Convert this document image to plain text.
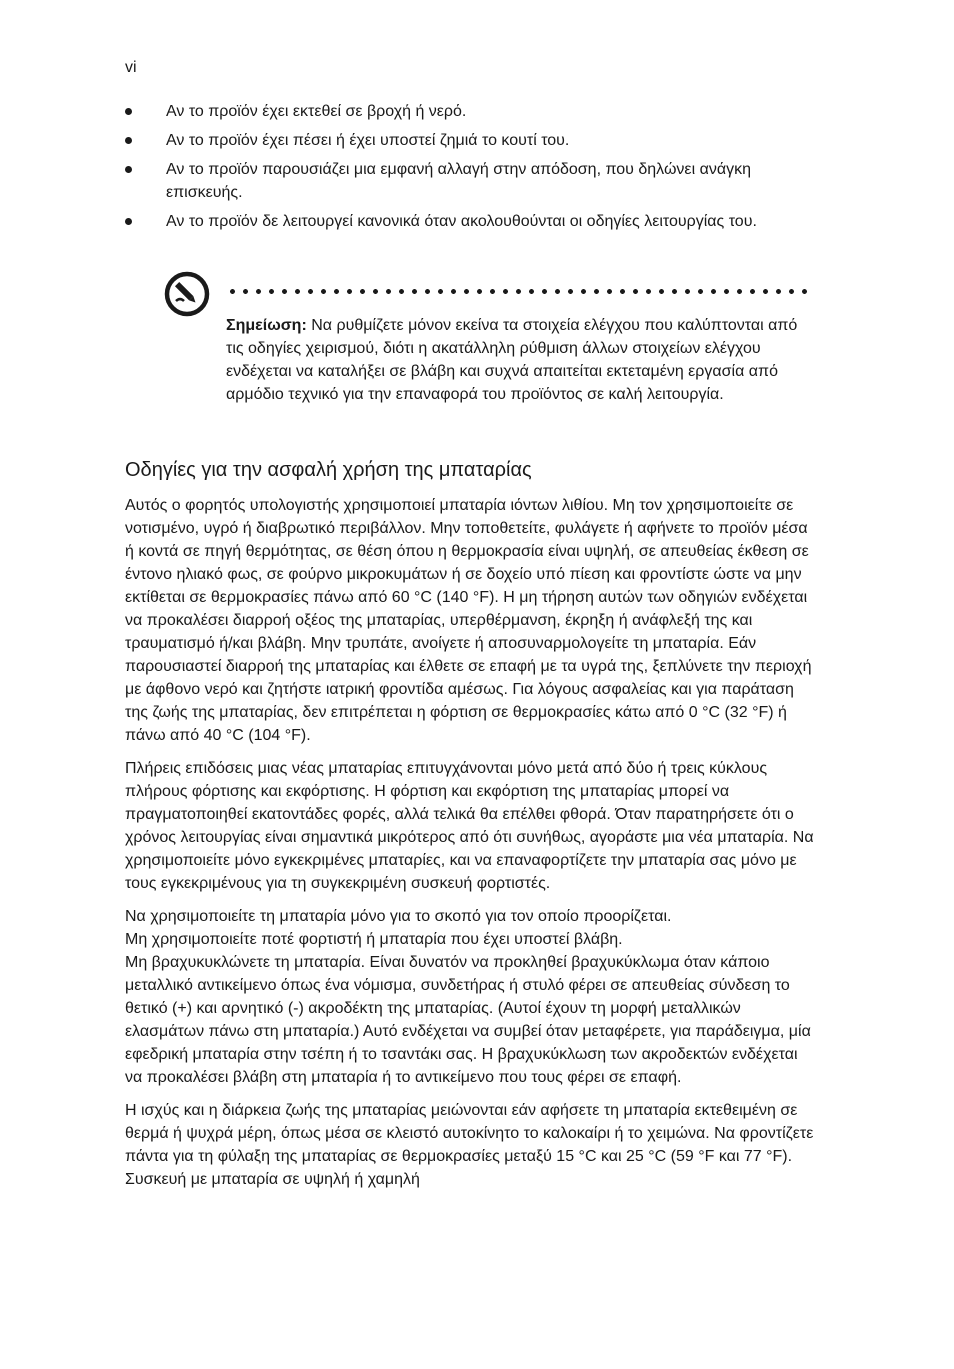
vi
Αν το προϊόν έχει εκτεθεί σε βροχή ή νερό.
Αν το προϊόν έχει πέσει ή έχει υποστεί ζημιά το κουτί του.
Αν το προϊόν παρουσιάζει μια εμφανή αλλαγή στην απόδοση, που δηλώνει ανάγκη επισκευής.
Αν το προϊόν δε λειτουργεί κανονικά όταν ακολουθούνται οι οδηγίες λειτουργίας του.

Σημείωση: Να ρυθμίζετε μόνον εκείνα τα στοιχεία ελέγχου που καλύπτονται από τις οδηγίες χειρισμού, διότι η ακατάλληλη ρύθμιση άλλων στοιχείων ελέγχου ενδέχεται να καταλήξει σε βλάβη και συχνά απαιτείται εκτεταμένη εργασία από αρμόδιο τεχνικό για την επαναφορά του προϊόντος σε καλή λειτουργία.

Οδηγίες για την ασφαλή χρήση της μπαταρίας

Αυτός ο φορητός υπολογιστής χρησιμοποιεί μπαταρία ιόντων λιθίου. Μη τον χρησιμοποιείτε σε νοτισμένο, υγρό ή διαβρωτικό περιβάλλον. Μην τοποθετείτε, φυλάγετε ή αφήνετε το προϊόν μέσα ή κοντά σε πηγή θερμότητας, σε θέση όπου η θερμοκρασία είναι υψηλή, σε απευθείας έκθεση σε έντονο ηλιακό φως, σε φούρνο μικροκυμάτων ή σε δοχείο υπό πίεση και φροντίστε ώστε να μην εκτίθεται σε θερμοκρασίες πάνω από 60 °C (140 °F). Η μη τήρηση αυτών των οδηγιών ενδέχεται να προκαλέσει διαρροή οξέος της μπαταρίας, υπερθέρμανση, έκρηξη ή ανάφλεξή της και τραυματισμό ή/και βλάβη. Μην τρυπάτε, ανοίγετε ή αποσυναρμολογείτε τη μπαταρία. Εάν παρουσιαστεί διαρροή της μπαταρίας και έλθετε σε επαφή με τα υγρά της, ξεπλύνετε την περιοχή με άφθονο νερό και ζητήστε ιατρική φροντίδα αμέσως. Για λόγους ασφαλείας και για παράταση της ζωής της μπαταρίας, δεν επιτρέπεται η φόρτιση σε θερμοκρασίες κάτω από 0 °C (32 °F) ή πάνω από 40 °C (104 °F).

Πλήρεις επιδόσεις μιας νέας μπαταρίας επιτυγχάνονται μόνο μετά από δύο ή τρεις κύκλους πλήρους φόρτισης και εκφόρτισης. Η φόρτιση και εκφόρτιση της μπαταρίας μπορεί να πραγματοποιηθεί εκατοντάδες φορές, αλλά τελικά θα επέλθει φθορά. Όταν παρατηρήσετε ότι ο χρόνος λειτουργίας είναι σημαντικά μικρότερος από ότι συνήθως, αγοράστε μια νέα μπαταρία. Να χρησιμοποιείτε μόνο εγκεκριμένες μπαταρίες, και να επαναφορτίζετε την μπαταρία σας μόνο με τους εγκεκριμένους για τη συγκεκριμένη συσκευή φορτιστές.

Να χρησιμοποιείτε τη μπαταρία μόνο για το σκοπό για τον οποίο προορίζεται.
Μη χρησιμοποιείτε ποτέ φορτιστή ή μπαταρία που έχει υποστεί βλάβη.
Μη βραχυκυκλώνετε τη μπαταρία. Είναι δυνατόν να προκληθεί βραχυκύκλωμα όταν κάποιο μεταλλικό αντικείμενο όπως ένα νόμισμα, συνδετήρας ή στυλό φέρει σε απευθείας σύνδεση το θετικό (+) και αρνητικό (-) ακροδέκτη της μπαταρίας. (Αυτοί έχουν τη μορφή μεταλλικών ελασμάτων πάνω στη μπαταρία.) Αυτό ενδέχεται να συμβεί όταν μεταφέρετε, για παράδειγμα, μία εφεδρική μπαταρία στην τσέπη ή το τσαντάκι σας. Η βραχυκύκλωση των ακροδεκτών ενδέχεται να προκαλέσει βλάβη στη μπαταρία ή το αντικείμενο που τους φέρει σε επαφή.

Η ισχύς και η διάρκεια ζωής της μπαταρίας μειώνονται εάν αφήσετε τη μπαταρία εκτεθειμένη σε θερμά ή ψυχρά μέρη, όπως μέσα σε κλειστό αυτοκίνητο το καλοκαίρι ή το χειμώνα. Να φροντίζετε πάντα για τη φύλαξη της μπαταρίας σε θερμοκρασίες μεταξύ 15 °C και 25 °C (59 °F και 77 °F). Συσκευή με μπαταρία σε υψηλή ή χαμηλή
